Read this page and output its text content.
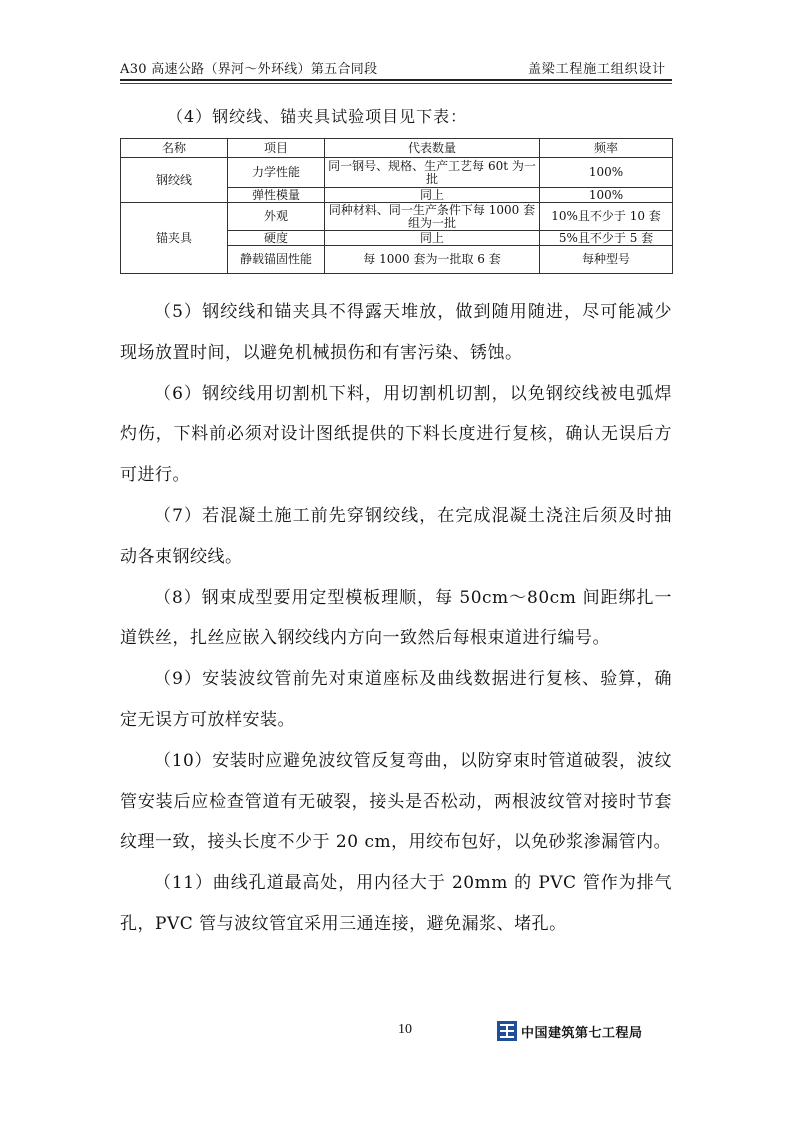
A30 高速公路（界河～外环线）第五合同段	盖梁工程施工组织设计
（4）钢绞线、锚夹具试验项目见下表：
名称	项目	代表数量	频率
钢绞线	力学性能	同一钢号、规格、生产工艺每 60t 为一批	100%
	弹性模量	同上	100%
锚夹具	外观	同种材料、同一生产条件下每 1000 套组为一批	10%且不少于 10 套
	硬度	同上	5%且不少于 5 套
	静载锚固性能	每 1000 套为一批取 6 套	每种型号

（5）钢绞线和锚夹具不得露天堆放，做到随用随进，尽可能减少现场放置时间，以避免机械损伤和有害污染、锈蚀。

（6）钢绞线用切割机下料，用切割机切割，以免钢绞线被电弧焊灼伤，下料前必须对设计图纸提供的下料长度进行复核，确认无误后方可进行。

（7）若混凝土施工前先穿钢绞线，在完成混凝土浇注后须及时抽动各束钢绞线。

（8）钢束成型要用定型模板理顺，每 50cm～80cm 间距绑扎一道铁丝，扎丝应嵌入钢绞线内方向一致然后每根束道进行编号。

（9）安装波纹管前先对束道座标及曲线数据进行复核、验算，确定无误方可放样安装。

（10）安装时应避免波纹管反复弯曲，以防穿束时管道破裂，波纹管安装后应检查管道有无破裂，接头是否松动，两根波纹管对接时节套纹理一致，接头长度不少于 20 cm，用绞布包好，以免砂浆渗漏管内。

（11）曲线孔道最高处，用内径大于 20mm 的 PVC 管作为排气孔，PVC 管与波纹管宜采用三通连接，避免漏浆、堵孔。

10	中国建筑第七工程局
